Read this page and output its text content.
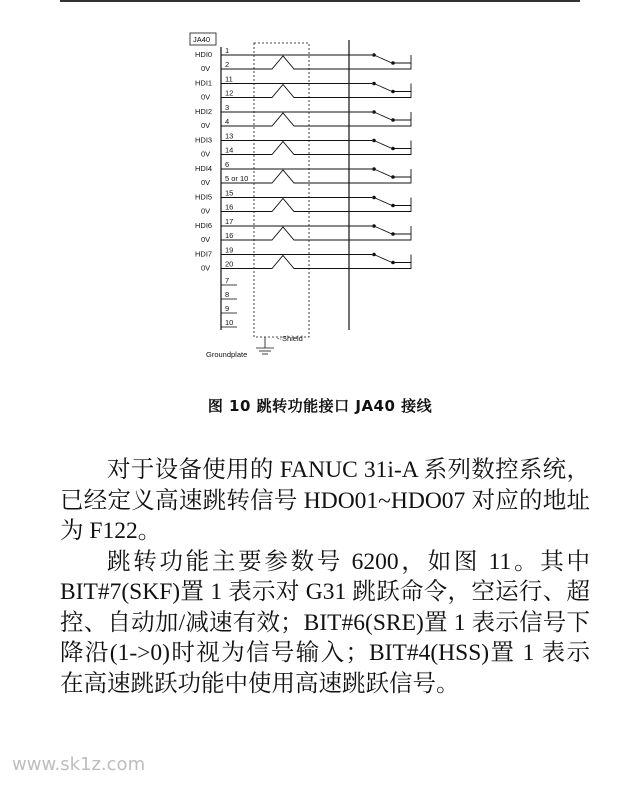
JA40
-·Shield
Groundplate
HDI0
0V
1
2
HDI1
0V
11
12
HDI2
0V
3
4
HDI3
0V
13
14
HDI4
0V
6
5 or 10
HDI5
0V
15
16
HDI6
0V
17
16
HDI7
0V
19
20
7
8
9
10
图 10 跳转功能接口 JA40 接线

对于设备使用的 FANUC 31i-A 系列数控系统，已经定义高速跳转信号 HDO01~HDO07 对应的地址为 F122。

跳转功能主要参数号 6200，如图 11。其中 BIT#7(SKF)置 1 表示对 G31 跳跃命令，空运行、超控、自动加/减速有效；BIT#6(SRE)置 1 表示信号下降沿(1->0)时视为信号输入；BIT#4(HSS)置 1 表示在高速跳跃功能中使用高速跳跃信号。

www.sk1z.com
